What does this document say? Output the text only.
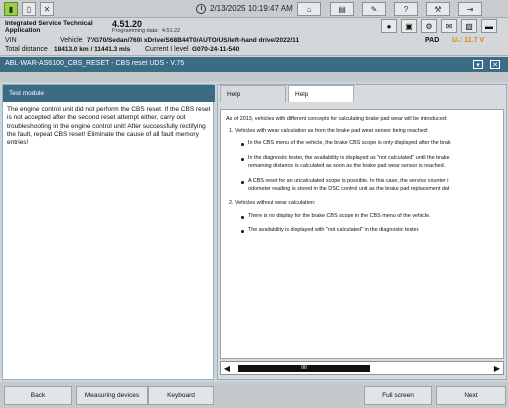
▮	▯	✕	2/13/2025 10:19:47 AM	⌂	▤	✎	?	⚒	⇥
Integrated Service Technical
Application
4.51.20
Programming data: 4.51.22
●	▣	⚙	✉	▧	▬
VIN	Vehicle 7'/G70/Sedan/760i xDrive/S68B44T0/AUTO/US/left-hand drive/2022/11
Total distance 18413.0 km / 11441.3 mls Current I level G070-24-11-540
PAD U₁: 11.7 V
ABL-WAR-AS6100_CBS_RESET - CBS reset UDS - V.75	▾	✕
Test module
The engine control unit did not perform the CBS reset. If the CBS reset is not accepted after the second reset attempt either, carry out troubleshooting in the engine control unit! After successfully rectifying the fault, repeat CBS reset! Eliminate the cause of all fault memory entries!
Help	Help
As of 2013, vehicles with different concepts for calculating brake pad wear will be introduced:
1. Vehicles with wear calculation as from the brake pad wear sensor being reached:
In the CBS menu of the vehicle, the brake CBS scope is only displayed after the brak
In the diagnostic tester, the availability is displayed as "not calculated" until the brake
remaining distance is calculated as soon as the brake pad wear sensor is reached.
A CBS reset for an uncalculated scope is possible. In this case, the service counter i
odometer reading is stored in the DSC control unit as the brake pad replacement dat
2. Vehicles without wear calculation:
There is no display for the brake CBS scope in the CBS menu of the vehicle.
The availability is displayed with "not calculated" in the diagnostic tester.
◀	IIII	▶
Back	Measuring devices	Keyboard	Full screen	Next
